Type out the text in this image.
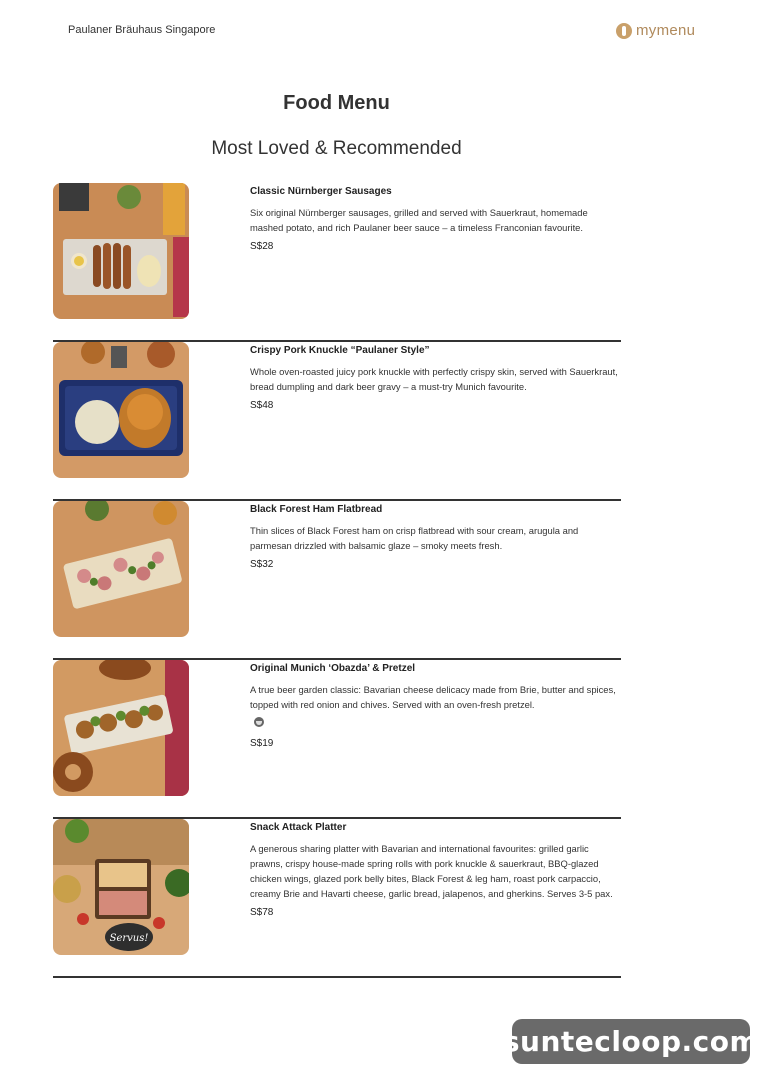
Paulaner Bräuhaus Singapore	mymenu
Food Menu
Most Loved & Recommended
Classic Nürnberger Sausages
Six original Nürnberger sausages, grilled and served with Sauerkraut, homemade mashed potato, and rich Paulaner beer sauce – a timeless Franconian favourite.
S$28
Crispy Pork Knuckle “Paulaner Style”
Whole oven-roasted juicy pork knuckle with perfectly crispy skin, served with Sauerkraut, bread dumpling and dark beer gravy – a must-try Munich favourite.
S$48
Black Forest Ham Flatbread
Thin slices of Black Forest ham on crisp flatbread with sour cream, arugula and parmesan drizzled with balsamic glaze – smoky meets fresh.
S$32
Original Munich ‘Obazda’ & Pretzel
A true beer garden classic: Bavarian cheese delicacy made from Brie, butter and spices, topped with red onion and chives. Served with an oven-fresh pretzel.
S$19
Servus!
Snack Attack Platter
A generous sharing platter with Bavarian and international favourites: grilled garlic prawns, crispy house-made spring rolls with pork knuckle & sauerkraut, BBQ-glazed chicken wings, glazed pork belly bites, Black Forest & leg ham, roast pork carpaccio, creamy Brie and Havarti cheese, garlic bread, jalapenos, and gherkins. Serves 3-5 pax.
S$78
suntecloop.com
